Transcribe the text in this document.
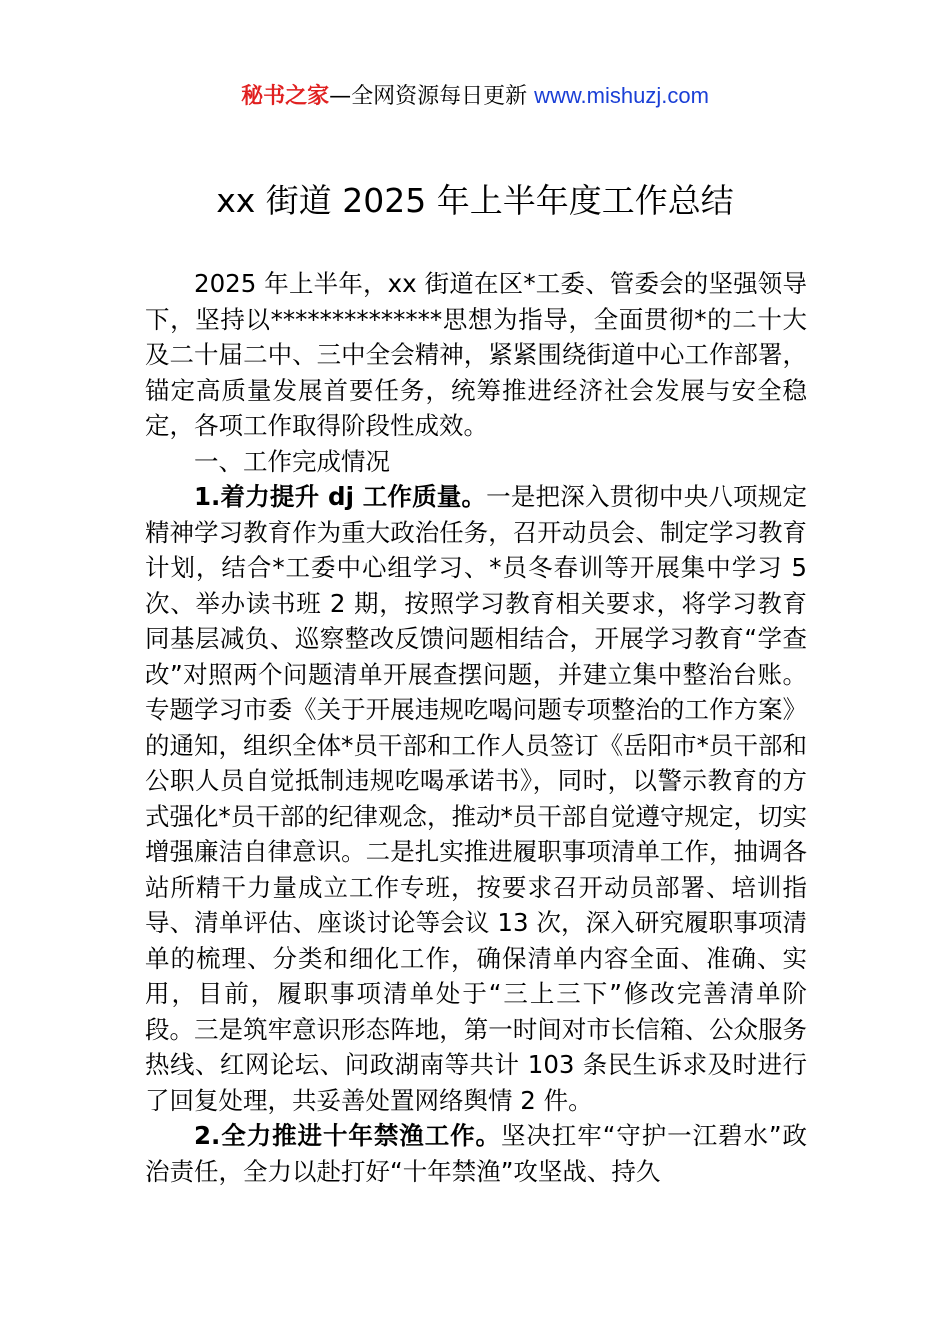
秘书之家—全网资源每日更新 www.mishuzj.com
xx 街道 2025 年上半年度工作总结

2025 年上半年，xx 街道在区*工委、管委会的坚强领导下，坚持以**************思想为指导，全面贯彻*的二十大及二十届二中、三中全会精神，紧紧围绕街道中心工作部署，锚定高质量发展首要任务，统筹推进经济社会发展与安全稳定，各项工作取得阶段性成效。

一、工作完成情况

1.着力提升 dj 工作质量。一是把深入贯彻中央八项规定精神学习教育作为重大政治任务，召开动员会、制定学习教育计划，结合*工委中心组学习、*员冬春训等开展集中学习 5 次、举办读书班 2 期，按照学习教育相关要求，将学习教育同基层减负、巡察整改反馈问题相结合，开展学习教育“学查改”对照两个问题清单开展查摆问题，并建立集中整治台账。专题学习市委《关于开展违规吃喝问题专项整治的工作方案》的通知，组织全体*员干部和工作人员签订《岳阳市*员干部和公职人员自觉抵制违规吃喝承诺书》，同时，以警示教育的方式强化*员干部的纪律观念，推动*员干部自觉遵守规定，切实增强廉洁自律意识。二是扎实推进履职事项清单工作，抽调各站所精干力量成立工作专班，按要求召开动员部署、培训指导、清单评估、座谈讨论等会议 13 次，深入研究履职事项清单的梳理、分类和细化工作，确保清单内容全面、准确、实用，目前，履职事项清单处于“三上三下”修改完善清单阶段。三是筑牢意识形态阵地，第一时间对市长信箱、公众服务热线、红网论坛、问政湖南等共计 103 条民生诉求及时进行了回复处理，共妥善处置网络舆情 2 件。

2.全力推进十年禁渔工作。坚决扛牢“守护一江碧水”政治责任，全力以赴打好“十年禁渔”攻坚战、持久
